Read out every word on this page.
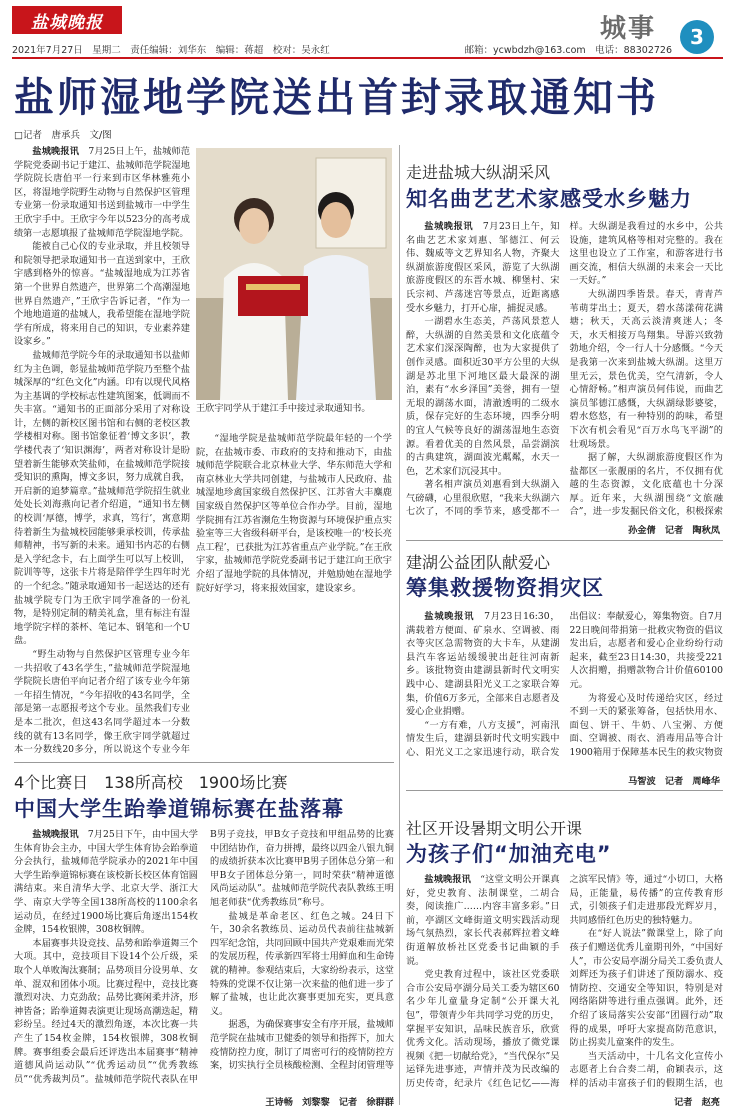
盐城晚报	城事	3
2021年7月27日　星期二　责任编辑：刘华东　编辑：蒋超　校对：吴永红	邮箱：ycwbdzh@163.com　电话：88302726
盐师湿地学院送出首封录取通知书
□记者　唐承兵　文/图

盐城晚报讯　 7月25日上午，盐城师范学院党委副书记于建江、盐城师范学院湿地学院院长唐伯平一行来到市区华林雅苑小区，将湿地学院野生动物与自然保护区管理专业第一份录取通知书送到盐城市一中学生王欣宇手中。王欣宇今年以523分的高考成绩第一志愿填报了盐城师范学院湿地学院。

能被自己心仪的专业录取，并且校领导和院领导把录取通知书一直送到家中，王欣宇感到格外的惊喜。“盐城湿地成为江苏省第一个世界自然遗产，世界第二个高潮湿地世界自然遗产，”王欣宇告诉记者，“作为一个地地道道的盐城人，我希望能在湿地学院学有所成，将来用自己的知识，专业素养建设家乡。”

盐城师范学院今年的录取通知书以盐师红为主色调，彰显盐城师范学院乃至整个盐城深厚的“红色文化”内涵。印有以现代风格为主基调的学校标志性建筑图案，低调而不失丰富。“通知书的正面部分采用了对称设计，左侧的新校区图书馆和右侧的老校区教学楼相对称。图书馆象征着‘博文多识’，教学楼代表了‘知识渊海’，两者对称设计是盼望着新生能够欢笑盐师，在盐城师范学院接受知识的熏陶，博文多识，努力成就自我，开启新的追梦篇章。”盐城师范学院招生就业处处长刘海燕向记者介绍道，“通知书左侧的校训‘厚德，博学，求真，笃行’，寓意期待着新生为盐城校园能够秉承校训，传承盐师精神，书写新的未来。通知书内芯的右侧是入学纪念卡，右上面学生可以写上校训，院训等等，这张卡片将是陪伴学生四年时光的一个纪念。”随录取通知书一起送达的还有盐城学院专门为王欣宇同学准备的一份礼物，是特别定制的精美礼盒，里有标注有湿地学院字样的茶杯、笔记本、钢笔和一个U盘。

“野生动物与自然保护区管理专业今年一共招收了43名学生，”盐城师范学院湿地学院院长唐伯平向记者介绍了该专业今年第一年招生情况，“今年招收的43名同学，全部是第一志愿报考这个专业。虽然我们专业是本二批次，但这43名同学超过本一分数线的就有13名同学，像王欣宇同学就超过本一分数线20多分，所以说这个专业今年

王欣宇同学从于建江手中接过录取通知书。

“湿地学院是盐城师范学院最年轻的一个学院，在盐城市委、市政府的支持和推动下，由盐城师范学院联合北京林业大学、华东师范大学和南京林业大学共同创建，与盐城市人民政府、盐城湿地珍禽国家级自然保护区、江苏省大丰麋鹿国家级自然保护区等单位合作办学。目前，湿地学院拥有江苏省濒危生物资源与环境保护重点实验室等三大省级科研平台，是该校唯一的‘校长亮点工程’，已获批为江苏省重点产业学院。”在王欣宇家，盐城师范学院党委副书记于建江向王欣宇介绍了湿地学院的具体情况，并勉励她在湿地学院好好学习，将来报效国家，建设家乡。

走进盐城大纵湖采风
知名曲艺艺术家感受水乡魅力

盐城晚报讯　 7月23日上午，知名曲艺艺术家刘惠、邹德江、何云伟、魏威等文艺界知名人物，齐聚大纵湖旅游度假区采风，游览了大纵湖旅游度假区的东晋水城、柳堡村、宋氏宗祠、芦荡迷宫等景点，近距离感受水乡魅力，打开心扉，捕捉灵感。

一湖碧水生态美，芦荡风景惹人醉，大纵湖的自然美景和文化底蕴令艺术家们深深陶醉，也为大家提供了创作灵感。面积近30平方公里的大纵湖是苏北里下河地区最大最深的湖泊，素有“水乡泽国”美誉，拥有一望无垠的湖荡水面，清澈透明的二级水质，保存完好的生态环境，四季分明的宜人气候等良好的湖荡湿地生态资源。看着优美的自然风景，品尝湖滨的古典建筑，湖面波光粼粼，水天一色，艺术家们沉浸其中。

著名相声演员刘惠看到大纵湖入气磅礴，心里很欣慰，“我来大纵湖六七次了，不同的季节来，感受都不一样。大纵湖是我看过的水乡中，公共设施，建筑风格等相对完整的。我在这里也设立了工作室，和游客进行书画交流，相信大纵湖的未来会一天比一天好。”

大纵湖四季皆景。春天，青青芦苇萌芽出土；夏天，碧水荡漾荷花满塘；秋天，天高云淡清爽迷人；冬天，水天相接万鸟翔集。导游兴致勃勃地介绍，令一行人十分感慨。“今天是我第一次来到盐城大纵湖。这里万里无云，景色优美，空气清新，令人心情舒畅。”相声演员何伟说，而曲艺演员邹德江感慨，大纵湖绿影婆娑，碧水悠悠，有一种特别的韵味，希望下次有机会看见“百万水鸟飞平湖”的壮观场景。

据了解，大纵湖旅游度假区作为盐都区一张靓丽的名片，不仅拥有优越的生态资源，文化底蕴也十分深厚。近年来，大纵湖围绕“文旅融合”，进一步发掘民俗文化，积极探索

孙金倩　记者　陶秋凤
建湖公益团队献爱心
筹集救援物资捐灾区

盐城晚报讯　 7月23日16:30，满载着方便面、矿泉水、空调被、雨衣等灾区急需物资的大卡车，从建湖县汽车客运站缓缓驶出赶往河南新乡。该批物资由建湖县新时代文明实践中心、建湖县阳光义工之家联合筹集，价值6万多元，全部来自志愿者及爱心企业捐赠。

“一方有难，八方支援”，河南汛情发生后，建湖县新时代文明实践中心、阳光义工之家迅速行动，联合发出倡议：奉献爱心，筹集物资。自7月22日晚间带捐第一批救灾物资的倡议发出后，志愿者和爱心企业纷纷行动起来，截至23日14:30，共接受221人次捐赠，捐赠款物合计价值60100元。

为将爱心及时传递给灾区，经过不到一天的紧张筹备，包括快用水、面包、饼干、牛奶、八宝粥、方便面、空调被、雨衣、消毒用品等合计1900箱用于保障基本民生的救灾物资

马智波　记者　周峰华
4个比赛日　138所高校　1900场比赛
中国大学生跆拳道锦标赛在盐落幕

盐城晚报讯　 7月25日下午，由中国大学生体育协会主办，中国大学生体育协会跆拳道分会执行，盐城师范学院承办的2021年中国大学生跆拳道锦标赛在该校新长校区体育馆圆满结束。来自清华大学、北京大学、浙江大学、南京大学等全国138所高校的1100余名运动员，在经过1900场比赛后角逐出154枚金牌，154枚银牌，308枚铜牌。

本届赛事共设竞技、品势和跆拳道舞三个大项。其中，竞技项目下设14个公斤级，采取个人单败淘汰赛制；品势项目分设男单、女单、混双和团体小项。比赛过程中，竞技比赛激烈对决、力克劲敌；品势比赛闲柔并济，形神皆备；跆拳道舞表演更让现场高潮迭起，精彩纷呈。经过4天的激烈角逐，本次比赛一共产生了154枚金牌，154枚银牌，308枚铜牌。赛事组委会最后还评选出本届赛事“精神道德风尚运动队”“优秀运动员”“优秀教练员”“优秀裁判员”。盐城师范学院代表队在甲B男子竞技，甲B女子竞技和甲组品势的比赛中团结协作，奋力拼搏，最终以四金八银九铜的成绩折获本次比赛甲B男子团体总分第一和甲B女子团体总分第一，同时荣获“精神道德风尚运动队”。盐城师范学院代表队教练王明旭老师获“优秀教练员”称号。

盐城是革命老区、红色之城。24日下午，30余名教练员、运动员代表前往盐城新四军纪念馆，共同回顾中国共产党艰难而光荣的发展历程，传承新四军将士用鲜血和生命铸就的精神。参观结束后，大家纷纷表示，这堂特殊的党课不仅让第一次来盐的他们进一步了解了盐城，也让此次赛事更加充实，更具意义。

据悉，为确保赛事安全有序开展，盐城师范学院在盐城市卫健委的领导和指挥下，加大疫情防控力度，制订了周密可行的疫情防控方案，切实执行全员核酸检测、全程封闭管理等

王诗畅　刘黎黎　记者　徐群群
社区开设暑期文明公开课
为孩子们“加油充电”

盐城晚报讯　 “这堂文明公开课真好，党史教育、法制课堂，二胡合奏，阅读推广……内容丰富多彩。”日前，亭湖区文峰街道文明实践活动现场气氛热烈，家长代表郝辉拉着文峰街道解放桥社区党委书记曲颖的手说。

党史教育过程中，该社区党委联合市公安局亭湖分局关工委为辖区60名少年儿童量身定制“公开课大礼包”，带领青少年共同学习党的历史，掌握平安知识，品味民族音乐，欣赏优秀文化。活动现场，播放了微党课视频《把一切献给党》，“当代保尔”吴运铎先进事迹，声情并茂为民改编的历史传奇，纪录片《红色记忆——海之滨军民情》等，通过“小切口，大格局，正能量，易传播”的宣传教育形式，引领孩子们走进那段光辉岁月，共同感悟红色历史的独特魅力。

在“好人说法”微课堂上，除了向孩子们赠送优秀儿童期刊外，“中国好人”，市公安局亭湖分局关工委负责人刘辉还为孩子们讲述了预防溺水、疫情防控、交通安全等知识，特别是对网络陷阱等进行重点强调。此外，还介绍了该局落实公安部“团圆行动”取得的成果，呼吁大家提高防范意识，防止拐卖儿童案件的发生。

当天活动中，十几名文化宣传小志愿者上台合奏二胡，俞颖表示，这样的活动丰富孩子们的假期生活，也

记者　赵亮
